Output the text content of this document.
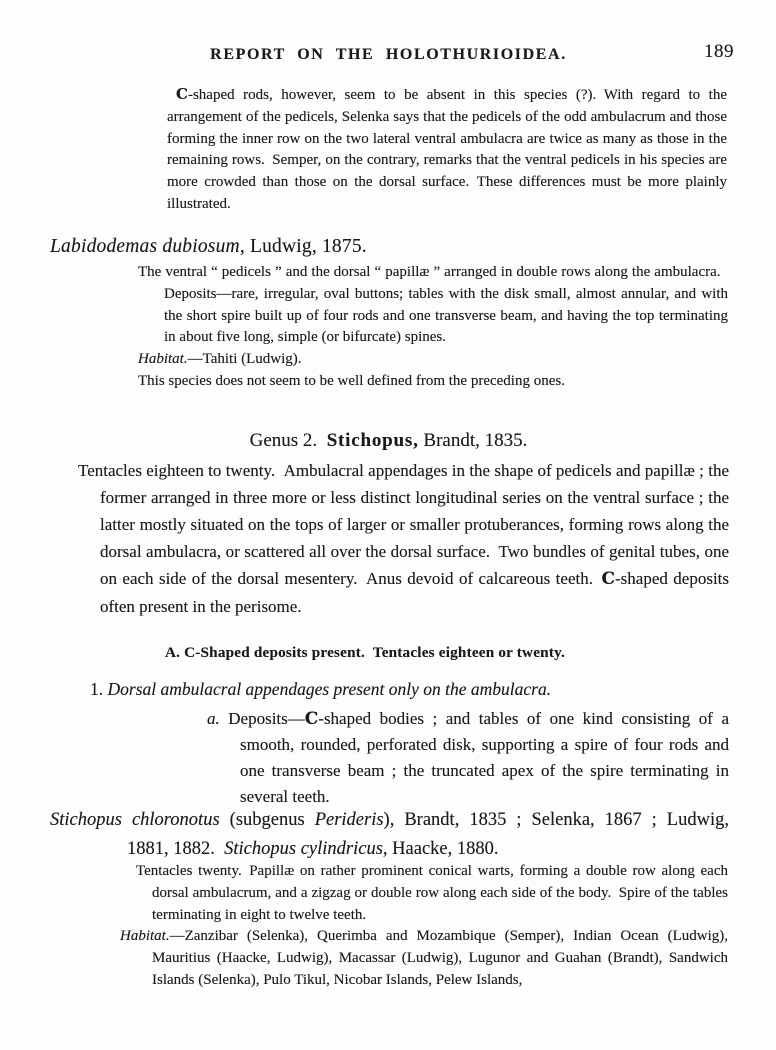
REPORT ON THE HOLOTHURIOIDEA.	189

C-shaped rods, however, seem to be absent in this species (?). With regard to the arrangement of the pedicels, Selenka says that the pedicels of the odd ambulacrum and those forming the inner row on the two lateral ventral ambulacra are twice as many as those in the remaining rows. Semper, on the contrary, remarks that the ventral pedicels in his species are more crowded than those on the dorsal surface. These differences must be more plainly illustrated.

Labidodemas dubiosum, Ludwig, 1875.

The ventral “ pedicels ” and the dorsal “ papillæ ” arranged in double rows along the ambulacra. Deposits—rare, irregular, oval buttons; tables with the disk small, almost annular, and with the short spire built up of four rods and one transverse beam, and having the top terminating in about five long, simple (or bifurcate) spines.

Habitat.—Tahiti (Ludwig).

This species does not seem to be well defined from the preceding ones.

Genus 2. Stichopus, Brandt, 1835.

Tentacles eighteen to twenty. Ambulacral appendages in the shape of pedicels and papillæ ; the former arranged in three more or less distinct longitudinal series on the ventral surface ; the latter mostly situated on the tops of larger or smaller protuberances, forming rows along the dorsal ambulacra, or scattered all over the dorsal surface. Two bundles of genital tubes, one on each side of the dorsal mesentery. Anus devoid of calcareous teeth. C-shaped deposits often present in the perisome.

A. C-Shaped deposits present. Tentacles eighteen or twenty.
1. Dorsal ambulacral appendages present only on the ambulacra.

a. Deposits—C-shaped bodies ; and tables of one kind consisting of a smooth, rounded, perforated disk, supporting a spire of four rods and one transverse beam ; the truncated apex of the spire terminating in several teeth.

Stichopus chloronotus (subgenus Perideris), Brandt, 1835 ; Selenka, 1867 ; Ludwig,
1881, 1882. Stichopus cylindricus, Haacke, 1880.

Tentacles twenty. Papillæ on rather prominent conical warts, forming a double row along each dorsal ambulacrum, and a zigzag or double row along each side of the body. Spire of the tables terminating in eight to twelve teeth.

Habitat.—Zanzibar (Selenka), Querimba and Mozambique (Semper), Indian Ocean (Ludwig), Mauritius (Haacke, Ludwig), Macassar (Ludwig), Lugunor and Guahan (Brandt), Sandwich Islands (Selenka), Pulo Tikul, Nicobar Islands, Pelew Islands,
